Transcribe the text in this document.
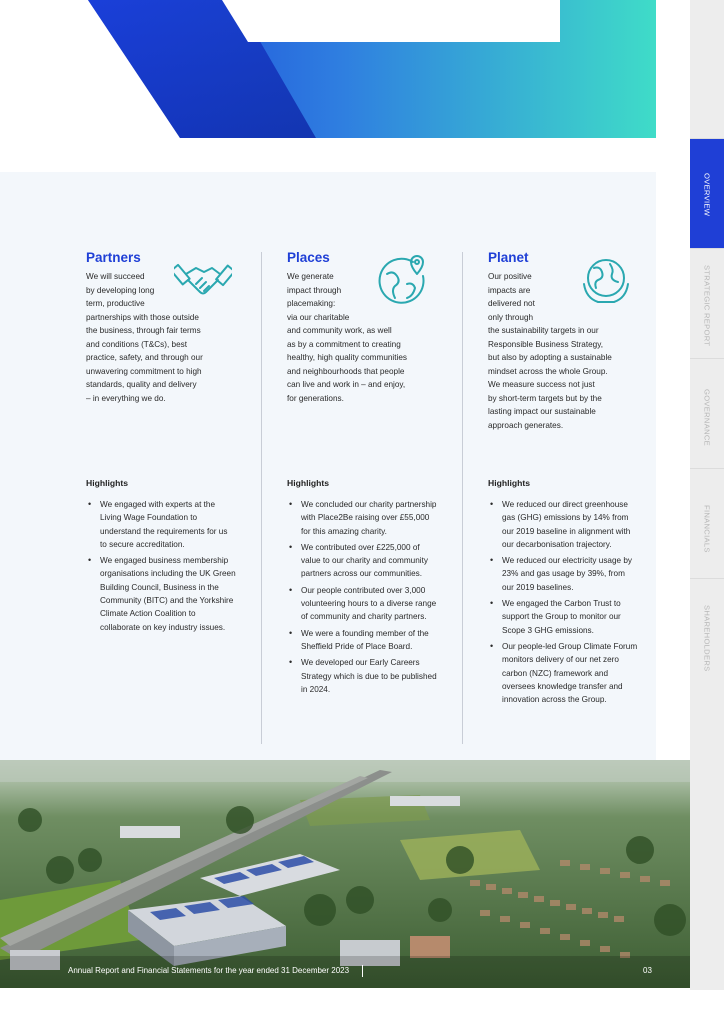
Partners
We will succeed
by developing long
term, productive
partnerships with those outside
the business, through fair terms
and conditions (T&Cs), best
practice, safety, and through our
unwavering commitment to high
standards, quality and delivery
– in everything we do.
Places
We generate
impact through
placemaking:
via our charitable
and community work, as well
as by a commitment to creating
healthy, high quality communities
and neighbourhoods that people
can live and work in – and enjoy,
for generations.
Planet
Our positive
impacts are
delivered not
only through
the sustainability targets in our
Responsible Business Strategy,
but also by adopting a sustainable
mindset across the whole Group.
We measure success not just
by short-term targets but by the
lasting impact our sustainable
approach generates.
Highlights
• We engaged with experts at the Living Wage Foundation to understand the requirements for us to secure accreditation.
• We engaged business membership organisations including the UK Green Building Council, Business in the Community (BITC) and the Yorkshire Climate Action Coalition to collaborate on key industry issues.
Highlights
• We concluded our charity partnership with Place2Be raising over £55,000 for this amazing charity.
• We contributed over £225,000 of value to our charity and community partners across our communities.
• Our people contributed over 3,000 volunteering hours to a diverse range of community and charity partners.
• We were a founding member of the Sheffield Pride of Place Board.
• We developed our Early Careers Strategy which is due to be published in 2024.
Highlights
• We reduced our direct greenhouse gas (GHG) emissions by 14% from our 2019 baseline in alignment with our decarbonisation trajectory.
• We reduced our electricity usage by 23% and gas usage by 39%, from our 2019 baselines.
• We engaged the Carbon Trust to support the Group to monitor our Scope 3 GHG emissions.
• Our people-led Group Climate Forum monitors delivery of our net zero carbon (NZC) framework and oversees knowledge transfer and innovation across the Group.
Annual Report and Financial Statements for the year ended 31 December 2023	03
OVERVIEW
STRATEGIC REPORT
GOVERNANCE
FINANCIALS
SHAREHOLDERS
